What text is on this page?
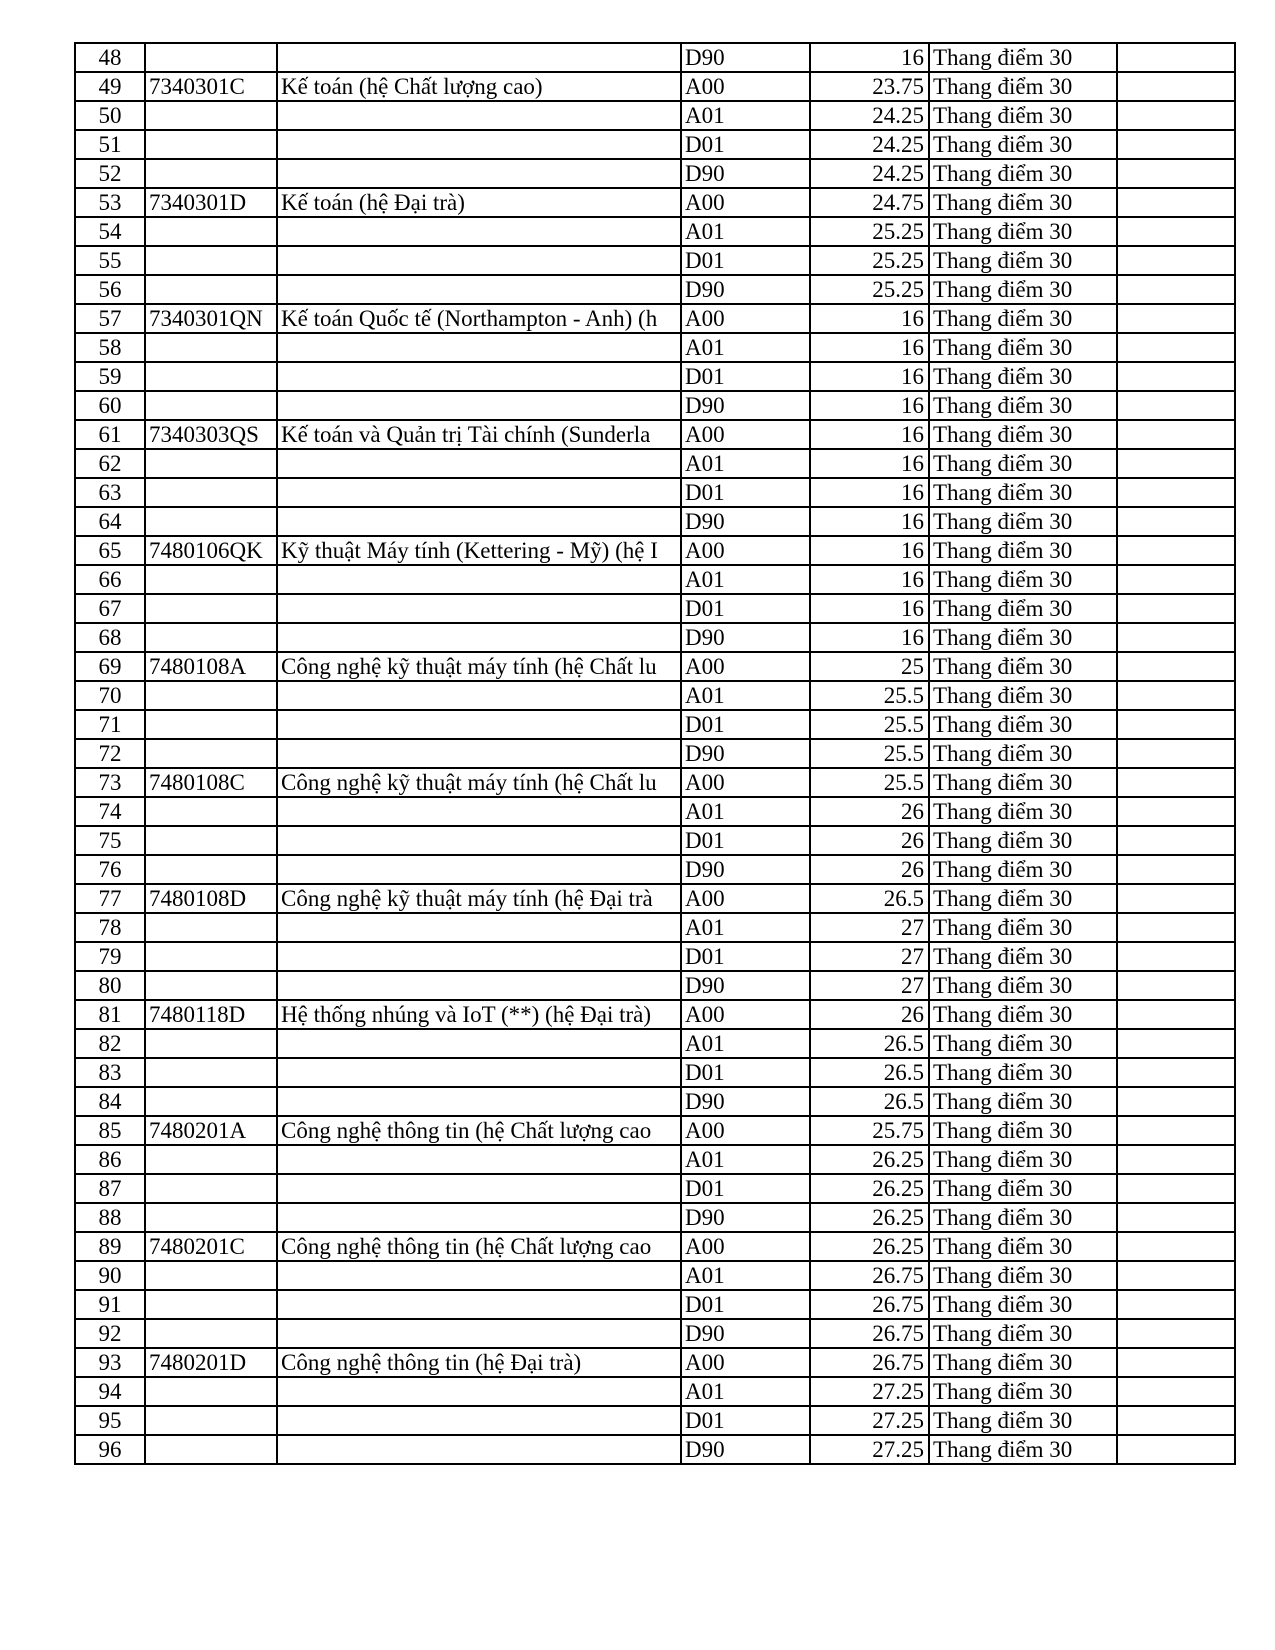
48			D90	16	Thang điểm 30	
49	7340301C	Kế toán (hệ Chất lượng cao)	A00	23.75	Thang điểm 30	
50			A01	24.25	Thang điểm 30	
51			D01	24.25	Thang điểm 30	
52			D90	24.25	Thang điểm 30	
53	7340301D	Kế toán (hệ Đại trà)	A00	24.75	Thang điểm 30	
54			A01	25.25	Thang điểm 30	
55			D01	25.25	Thang điểm 30	
56			D90	25.25	Thang điểm 30	
57	7340301QN	Kế toán Quốc tế (Northampton - Anh) (h	A00	16	Thang điểm 30	
58			A01	16	Thang điểm 30	
59			D01	16	Thang điểm 30	
60			D90	16	Thang điểm 30	
61	7340303QS	Kế toán và Quản trị Tài chính (Sunderla	A00	16	Thang điểm 30	
62			A01	16	Thang điểm 30	
63			D01	16	Thang điểm 30	
64			D90	16	Thang điểm 30	
65	7480106QK	Kỹ thuật Máy tính (Kettering - Mỹ) (hệ I	A00	16	Thang điểm 30	
66			A01	16	Thang điểm 30	
67			D01	16	Thang điểm 30	
68			D90	16	Thang điểm 30	
69	7480108A	Công nghệ kỹ thuật máy tính (hệ Chất lu	A00	25	Thang điểm 30	
70			A01	25.5	Thang điểm 30	
71			D01	25.5	Thang điểm 30	
72			D90	25.5	Thang điểm 30	
73	7480108C	Công nghệ kỹ thuật máy tính (hệ Chất lu	A00	25.5	Thang điểm 30	
74			A01	26	Thang điểm 30	
75			D01	26	Thang điểm 30	
76			D90	26	Thang điểm 30	
77	7480108D	Công nghệ kỹ thuật máy tính (hệ Đại trà	A00	26.5	Thang điểm 30	
78			A01	27	Thang điểm 30	
79			D01	27	Thang điểm 30	
80			D90	27	Thang điểm 30	
81	7480118D	Hệ thống nhúng và IoT (**) (hệ Đại trà)	A00	26	Thang điểm 30	
82			A01	26.5	Thang điểm 30	
83			D01	26.5	Thang điểm 30	
84			D90	26.5	Thang điểm 30	
85	7480201A	Công nghệ thông tin (hệ Chất lượng cao	A00	25.75	Thang điểm 30	
86			A01	26.25	Thang điểm 30	
87			D01	26.25	Thang điểm 30	
88			D90	26.25	Thang điểm 30	
89	7480201C	Công nghệ thông tin (hệ Chất lượng cao	A00	26.25	Thang điểm 30	
90			A01	26.75	Thang điểm 30	
91			D01	26.75	Thang điểm 30	
92			D90	26.75	Thang điểm 30	
93	7480201D	Công nghệ thông tin (hệ Đại trà)	A00	26.75	Thang điểm 30	
94			A01	27.25	Thang điểm 30	
95			D01	27.25	Thang điểm 30	
96			D90	27.25	Thang điểm 30	
